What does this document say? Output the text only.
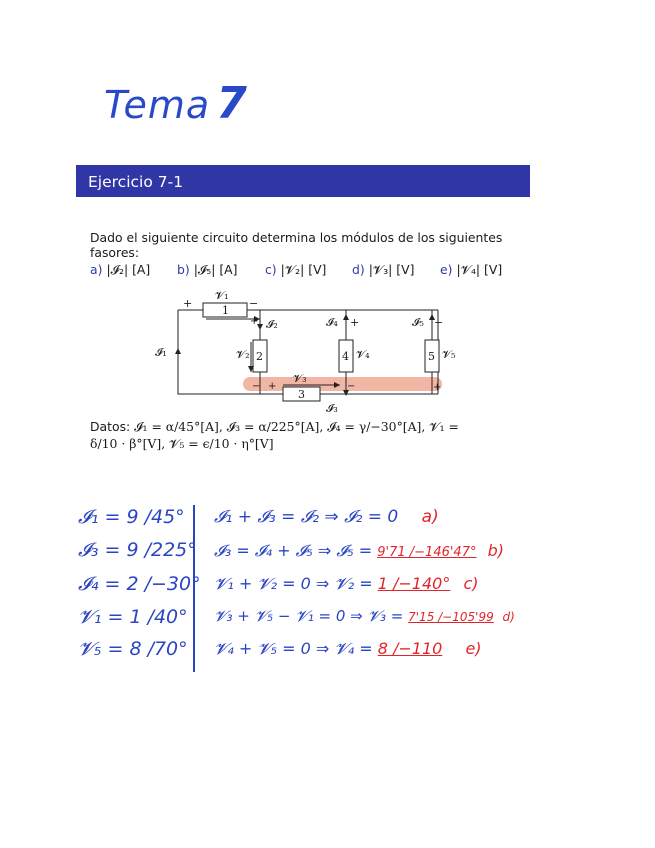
Tema 7
Ejercicio 7-1
Dado el siguiente circuito determina los módulos de los siguientes fasores:
a) |𝓘₂| [A] b) |𝓘₅| [A] c) |𝓥₂| [V] d) |𝓥₃| [V] e) |𝓥₄| [V]
1
2
3
4	5
𝓥₁
+	−
𝓘₂
+
𝓘₁	𝓥₂
𝓘₄ +
𝓥₄
𝓘₅ −
𝓥₅
𝓥₃
𝓘₃
+
−	+
−
Datos: 𝓘₁ = α/45°[A], 𝓘₃ = α/225°[A], 𝓘₄ = γ/−30°[A], 𝓥₁ =
δ/10 · β°[V], 𝓥₅ = ϵ/10 · η°[V]
𝓘₁ = 9 /45°
𝓘₃ = 9 /225°
𝓘₄ = 2 /−30°
𝓥₁ = 1 /40°
𝓥₅ = 8 /70°
𝓘₁ + 𝓘₃ = 𝓘₂ ⇒ 𝓘₂ = 0 a)
𝓘₃ = 𝓘₄ + 𝓘₅ ⇒ 𝓘₅ = 9'71 /−146'47° b)
𝓥₁ + 𝓥₂ = 0 ⇒ 𝓥₂ = 1 /−140° c)
𝓥₃ + 𝓥₅ − 𝓥₁ = 0 ⇒ 𝓥₃ = 7'15 /−105'99 d)
𝓥₄ + 𝓥₅ = 0 ⇒ 𝓥₄ = 8 /−110 e)
